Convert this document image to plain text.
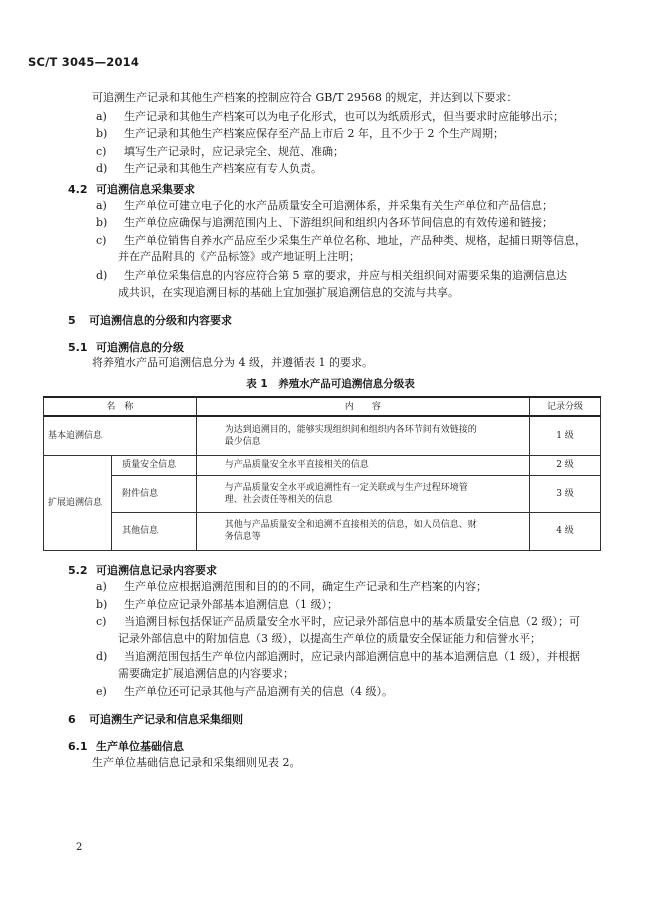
SC/T 3045—2014
可追溯生产记录和其他生产档案的控制应符合 GB/T 29568 的规定，并达到以下要求：
a) 生产记录和其他生产档案可以为电子化形式，也可以为纸质形式，但当要求时应能够出示；
b) 生产记录和其他生产档案应保存至产品上市后 2 年，且不少于 2 个生产周期；
c) 填写生产记录时，应记录完全、规范、准确；
d) 生产记录和其他生产档案应有专人负责。
4.2 可追溯信息采集要求
a) 生产单位可建立电子化的水产品质量安全可追溯体系，并采集有关生产单位和产品信息；
b) 生产单位应确保与追溯范围内上、下游组织间和组织内各环节间信息的有效传递和链接；
c) 生产单位销售自养水产品应至少采集生产单位名称、地址，产品种类、规格，起捕日期等信息，
并在产品附具的《产品标签》或产地证明上注明；
d) 生产单位采集信息的内容应符合第 5 章的要求，并应与相关组织间对需要采集的追溯信息达
成共识，在实现追溯目标的基础上宜加强扩展追溯信息的交流与共享。
5 可追溯信息的分级和内容要求
5.1 可追溯信息的分级
将养殖水产品可追溯信息分为 4 级，并遵循表 1 的要求。
表 1　养殖水产品可追溯信息分级表
名　称		内　　容	记录分级
基本追溯信息		为达到追溯目的，能够实现组织间和组织内各环节间有效链接的
最少信息	1 级
扩展追溯信息	质量安全信息	与产品质量安全水平直接相关的信息	2 级
	附件信息	与产品质量安全水平或追溯性有一定关联或与生产过程环境管
理、社会责任等相关的信息	3 级
	其他信息	其他与产品质量安全和追溯不直接相关的信息，如人员信息、财
务信息等	4 级
5.2 可追溯信息记录内容要求
a) 生产单位应根据追溯范围和目的的不同，确定生产记录和生产档案的内容；
b) 生产单位应记录外部基本追溯信息（1 级）；
c) 当追溯目标包括保证产品质量安全水平时，应记录外部信息中的基本质量安全信息（2 级）；可
记录外部信息中的附加信息（3 级），以提高生产单位的质量安全保证能力和信誉水平；
d) 当追溯范围包括生产单位内部追溯时，应记录内部追溯信息中的基本追溯信息（1 级），并根据
需要确定扩展追溯信息的内容要求；
e) 生产单位还可记录其他与产品追溯有关的信息（4 级）。
6 可追溯生产记录和信息采集细则
6.1 生产单位基础信息
生产单位基础信息记录和采集细则见表 2。
2
